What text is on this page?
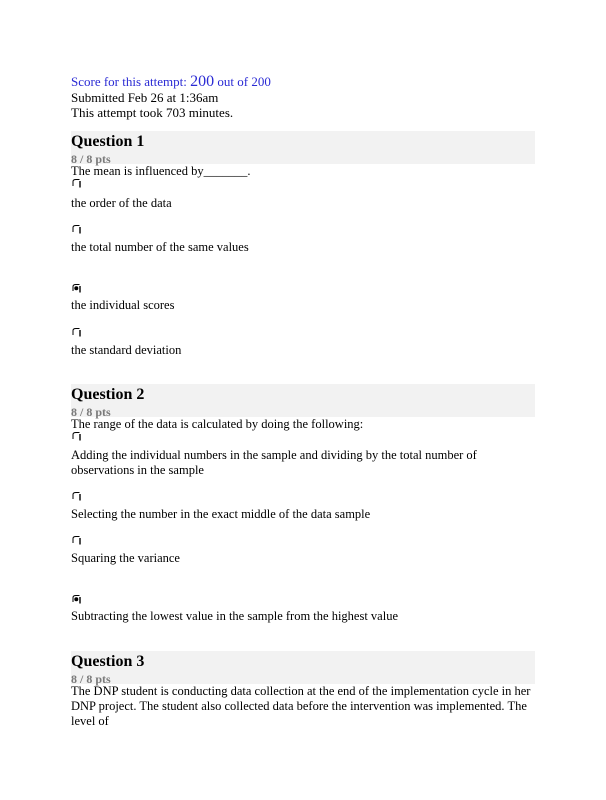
Score for this attempt: 200 out of 200
Submitted Feb 26 at 1:36am
This attempt took 703 minutes.
Question 1
8 / 8 pts
The mean is influenced by_______.
the order of the data
the total number of the same values
the individual scores
the standard deviation
Question 2
8 / 8 pts
The range of the data is calculated by doing the following:
Adding the individual numbers in the sample and dividing by the total number of observations in the sample
Selecting the number in the exact middle of the data sample
Squaring the variance
Subtracting the lowest value in the sample from the highest value
Question 3
8 / 8 pts
The DNP student is conducting data collection at the end of the implementation cycle in her DNP project. The student also collected data before the intervention was implemented. The level of
